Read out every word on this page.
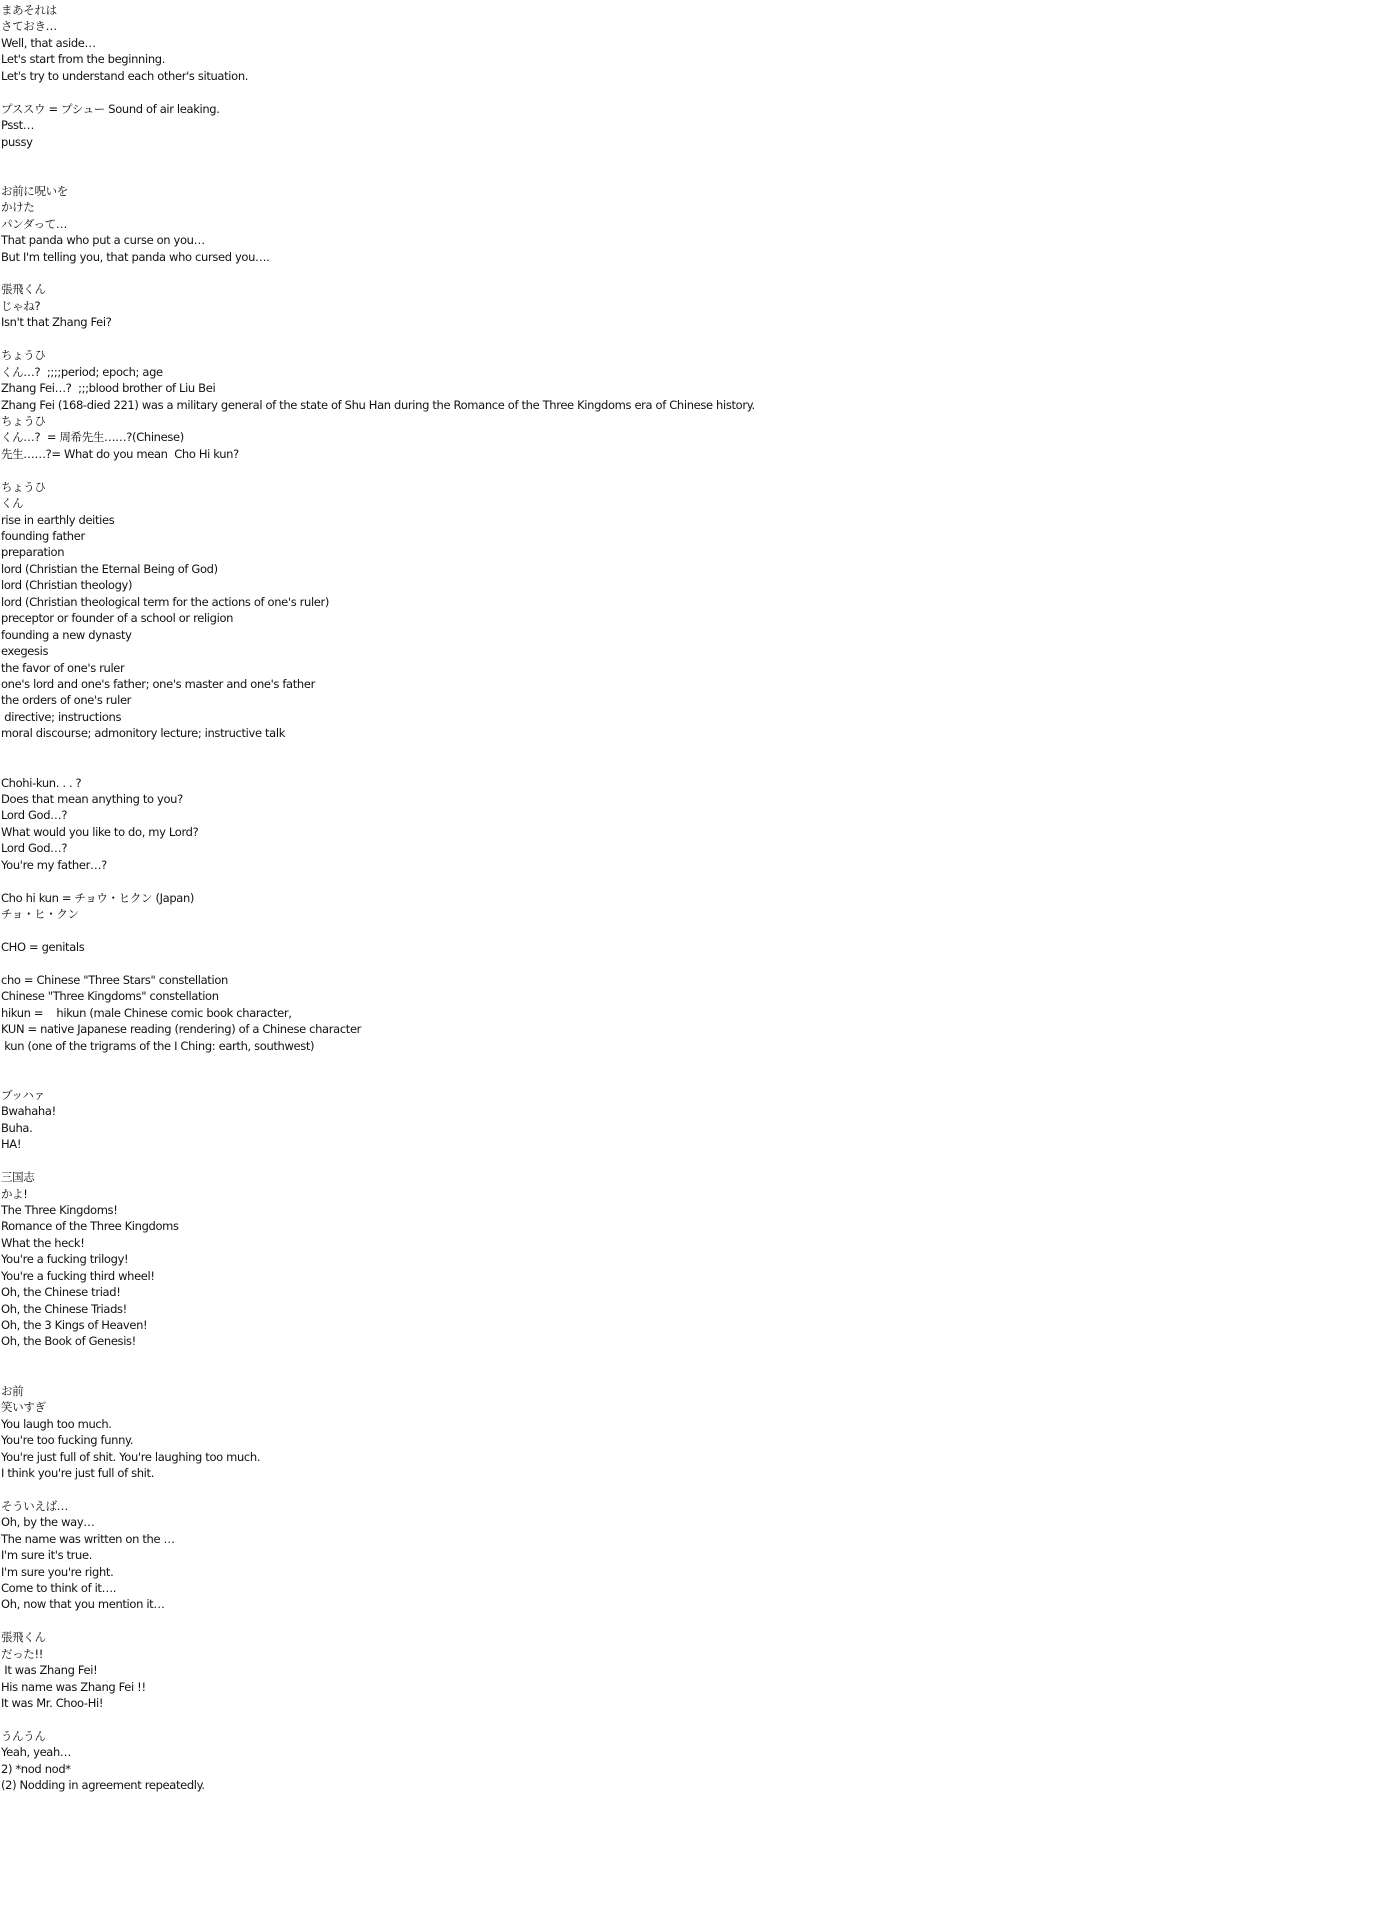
まあそれは
さておき…
Well, that aside…
Let's start from the beginning.
Let's try to understand each other's situation.
プススウ = プシュー Sound of air leaking.
Psst…
pussy
お前に呪いを
かけた
パンダって…
That panda who put a curse on you…
But I'm telling you, that panda who cursed you….
張飛くん
じゃね?
Isn't that Zhang Fei?
ちょうひ
くん…?  ;;;;period; epoch; age
Zhang Fei…?  ;;;blood brother of Liu Bei
Zhang Fei (168-died 221) was a military general of the state of Shu Han during the Romance of the Three Kingdoms era of Chinese history.
ちょうひ
くん…?  = 周希先生……?(Chinese)
先生……?= What do you mean  Cho Hi kun?
ちょうひ
くん
rise in earthly deities
founding father
preparation
lord (Christian the Eternal Being of God)
lord (Christian theology)
lord (Christian theological term for the actions of one's ruler)
preceptor or founder of a school or religion
founding a new dynasty
exegesis
the favor of one's ruler
one's lord and one's father; one's master and one's father
the orders of one's ruler
directive; instructions
moral discourse; admonitory lecture; instructive talk
Chohi-kun. . . ?
Does that mean anything to you?
Lord God…?
What would you like to do, my Lord?
Lord God…?
You're my father…?
Cho hi kun = チョウ・ヒクン (Japan)
チョ・ヒ・クン
CHO = genitals
cho = Chinese "Three Stars" constellation
Chinese "Three Kingdoms" constellation
hikun =    hikun (male Chinese comic book character,
KUN = native Japanese reading (rendering) of a Chinese character
kun (one of the trigrams of the I Ching: earth, southwest)
ブッハァ
Bwahaha!
Buha.
HA!
三国志
かよ!
The Three Kingdoms!
Romance of the Three Kingdoms
What the heck!
You're a fucking trilogy!
You're a fucking third wheel!
Oh, the Chinese triad!
Oh, the Chinese Triads!
Oh, the 3 Kings of Heaven!
Oh, the Book of Genesis!
お前
笑いすぎ
You laugh too much.
You're too fucking funny.
You're just full of shit. You're laughing too much.
I think you're just full of shit.
そういえば…
Oh, by the way…
The name was written on the …
I'm sure it's true.
I'm sure you're right.
Come to think of it….
Oh, now that you mention it…
張飛くん
だった!!
It was Zhang Fei!
His name was Zhang Fei !!
It was Mr. Choo-Hi!
うんうん
Yeah, yeah…
2) *nod nod*
(2) Nodding in agreement repeatedly.
